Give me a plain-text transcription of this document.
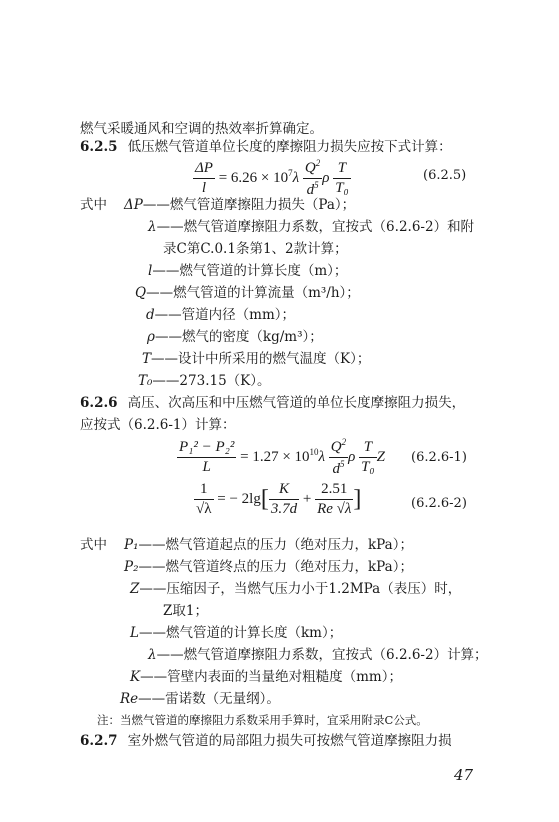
燃气采暖通风和空调的热效率折算确定。
6.2.5 低压燃气管道单位长度的摩擦阻力损失应按下式计算：
$\frac{\Delta P}{l} = 6.26 \times 10^7\lambda \frac{Q^2}{d^5}$ ρ $\frac{T}{\text{T₀}}$	(6.2.5)
式中 ΔP——燃气管道摩擦阻力损失（Pa）；
λ——燃气管道摩擦阻力系数，宜按式（6.2.6-2）和附
录C第C.0.1条第1、2款计算；
l——燃气管道的计算长度（m）；
Q——燃气管道的计算流量（m³/h）；
d——管道内径（mm）；
ρ——燃气的密度（kg/m³）；
T——设计中所采用的燃气温度（K）；
T₀——273.15（K）。
6.2.6 高压、次高压和中压燃气管道的单位长度摩擦阻力损失，
应按式（6.2.6-1）计算：
$\frac{\text{P₁² − P₂²}}{L} = 1.27 \times 10^{10}\lambda \frac{Q^2}{d^5}$ ρ $\frac{T}{\text{T₀}}$ Z (6.2.6-1)
$\frac{1}{√\lambda}$ = − $2\lg[ \frac{K}{3.7d} + \frac{2.51}{Re √\lambda}$ ]	(6.2.6-2)
式中 P₁——燃气管道起点的压力（绝对压力，kPa）；
P₂——燃气管道终点的压力（绝对压力，kPa）；
Z——压缩因子，当燃气压力小于1.2MPa（表压）时，
Z取1；
L——燃气管道的计算长度（km）；
λ——燃气管道摩擦阻力系数，宜按式（6.2.6-2）计算；
K——管壁内表面的当量绝对粗糙度（mm）；
Re——雷诺数（无量纲）。
注：当燃气管道的摩擦阻力系数采用手算时，宜采用附录C公式。
6.2.7 室外燃气管道的局部阻力损失可按燃气管道摩擦阻力损
47
